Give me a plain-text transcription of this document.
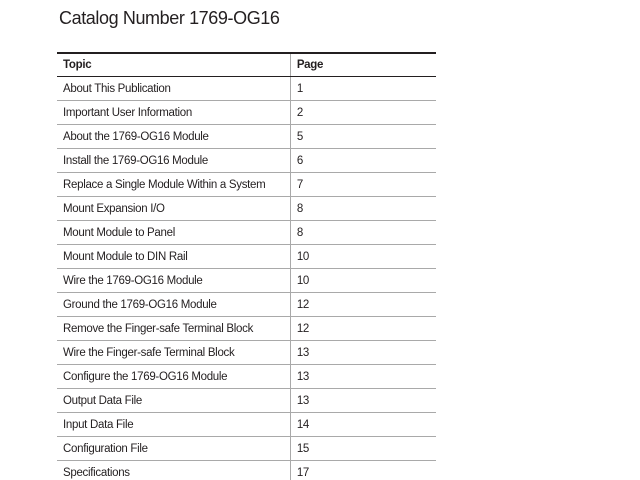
Catalog Number 1769-OG16
Topic	Page
About This Publication	1
Important User Information	2
About the 1769-OG16 Module	5
Install the 1769-OG16 Module	6
Replace a Single Module Within a System	7
Mount Expansion I/O	8
Mount Module to Panel	8
Mount Module to DIN Rail	10
Wire the 1769-OG16 Module	10
Ground the 1769-OG16 Module	12
Remove the Finger-safe Terminal Block	12
Wire the Finger-safe Terminal Block	13
Configure the 1769-OG16 Module	13
Output Data File	13
Input Data File	14
Configuration File	15
Specifications	17
